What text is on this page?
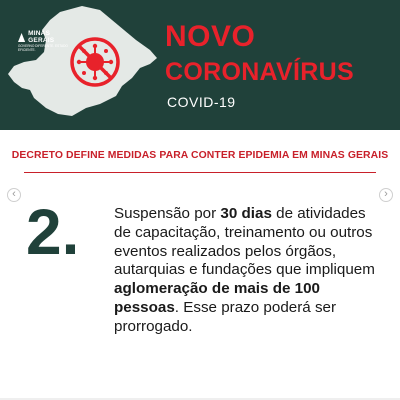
MINAS GERAIS
GOVERNO DIFERENTE. ESTADO EFICIENTE.	NOVO
CORONAVÍRUS
COVID-19
DECRETO DEFINE MEDIDAS PARA CONTER EPIDEMIA EM MINAS GERAIS
‹	›
2. Suspensão por 30 dias de atividades de capacitação, treinamento ou outros eventos realizados pelos órgãos, autarquias e fundações que impliquem aglomeração de mais de 100 pessoas. Esse prazo poderá ser prorrogado.
